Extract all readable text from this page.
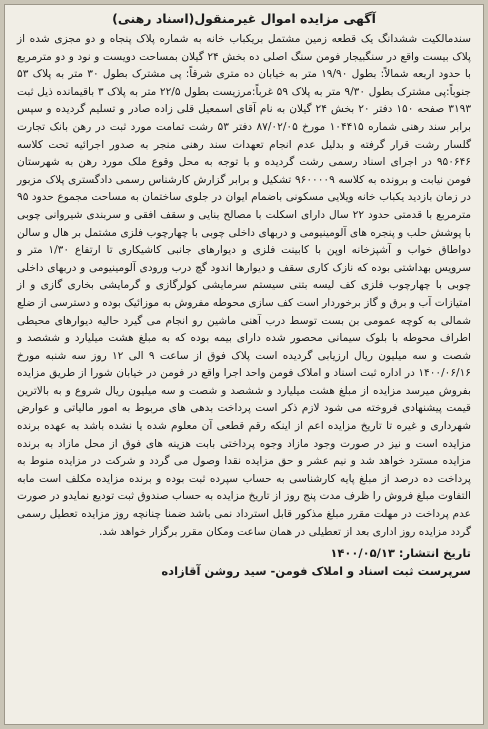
آگهی مزایده اموال غیرمنقول(اسناد رهنی)

سندمالکیت ششدانگ یک قطعه زمین مشتمل بریکباب خانه به شماره پلاک پنجاه و دو مجزی شده از پلاک بیست واقع در سنگبیجار فومن سنگ اصلی ده بخش ۲۴ گیلان بمساحت دویست و نود و دو مترمربع با حدود اربعه شمالاً: بطول ۱۹/۹۰ متر به خیابان ده متری شرقاً: پی مشترک بطول ۳۰ متر به پلاک ۵۳ جنوباً:پی مشترک بطول ۹/۳۰ متر به پلاک ۵۹ غرباً:مرزیست بطول ۲۲/۵ متر به پلاک ۳ باقیمانده ذیل ثبت ۳۱۹۳ صفحه ۱۵۰ دفتر ۲۰ بخش ۲۴ گیلان به نام آقای اسمعیل قلی زاده صادر و تسلیم گردیده و سپس برابر سند رهنی شماره ۱۰۴۴۱۵ مورخ ۸۷/۰۲/۰۵ دفتر ۵۳ رشت تمامت مورد ثبت در رهن بانک تجارت گلسار رشت قرار گرفته و بدلیل عدم انجام تعهدات سند رهنی منجر به صدور اجرائیه تحت کلاسه ۹۵۰۶۴۶ در اجرای اسناد رسمی رشت گردیده و با توجه به محل وقوع ملک مورد رهن به شهرستان فومن نیابت و برونده به کلاسه ۹۶۰۰۰۰۹ تشکیل و برابر گزارش کارشناس رسمی دادگستری پلاک مزبور در زمان بازدید یکباب خانه ویلایی مسکونی باضمام ایوان در جلوی ساختمان به مساحت مجموع حدود ۹۵ مترمربع با قدمتی حدود ۲۲ سال دارای اسکلت با مصالح بنایی و سقف افقی و سربندی شیروانی چوبی با پوشش حلب و پنجره های آلومینیومی و دربهای داخلی چوبی با چهارچوب فلزی مشتمل بر هال و سالن دواطاق خواب و آشپزخانه اوپن با کابینت فلزی و دیوارهای جانبی کاشیکاری تا ارتفاع ۱/۳۰ متر و سرویس بهداشتی بوده که نازک کاری سقف و دیوارها اندود گچ درب ورودی آلومینیومی و دربهای داخلی چوبی با چهارچوب فلزی کف لیسه بتنی سیستم سرمایشی کولرگازی و گرمایشی بخاری گازی و از امتیازات آب و برق و گاز برخوردار است کف سازی محوطه مفروش به موزائیک بوده و دسترسی از ضلع شمالی به کوچه عمومی بن بست توسط درب آهنی ماشین رو انجام می گیرد حالیه دیوارهای محیطی اطراف محوطه با بلوک سیمانی محصور شده دارای بیمه بوده که به مبلغ هشت میلیارد و ششصد و شصت و سه میلیون ریال ارزیابی گردیده است پلاک فوق از ساعت ۹ الی ۱۲ روز سه شنبه مورخ ۱۴۰۰/۰۶/۱۶ در اداره ثبت اسناد و املاک فومن واحد اجرا واقع در فومن در خیابان شورا از طریق مزایده بفروش میرسد مزایده از مبلغ هشت میلیارد و ششصد و شصت و سه میلیون ریال شروع و به بالاترین قیمت پیشنهادی فروخته می شود لازم ذکر است پرداخت بدهی های مربوط به امور مالیاتی و عوارض شهرداری و غیره تا تاریخ مزایده اعم از اینکه رقم قطعی آن معلوم شده یا نشده باشد به عهده برنده مزایده است و نیز در صورت وجود مازاد وجوه پرداختی بابت هزینه های فوق از محل مازاد به برنده مزایده مسترد خواهد شد و نیم عشر و حق مزایده نقدا وصول می گردد و شرکت در مزایده منوط به پرداخت ده درصد از مبلغ پایه کارشناسی به حساب سپرده ثبت بوده و برنده مزایده مکلف است مابه التفاوت مبلغ فروش را ظرف مدت پنج روز از تاریخ مزایده به حساب صندوق ثبت تودیع نمایدو در صورت عدم پرداخت در مهلت مقرر مبلغ مذکور قابل استرداد نمی باشد ضمنا چنانچه روز مزایده تعطیل رسمی گردد مزایده روز اداری بعد از تعطیلی در همان ساعت ومکان مقرر برگزار خواهد شد.

تاریخ انتشار: ۱۴۰۰/۰۵/۱۳
سرپرست ثبت اسناد و املاک فومن- سید روشن آقازاده
